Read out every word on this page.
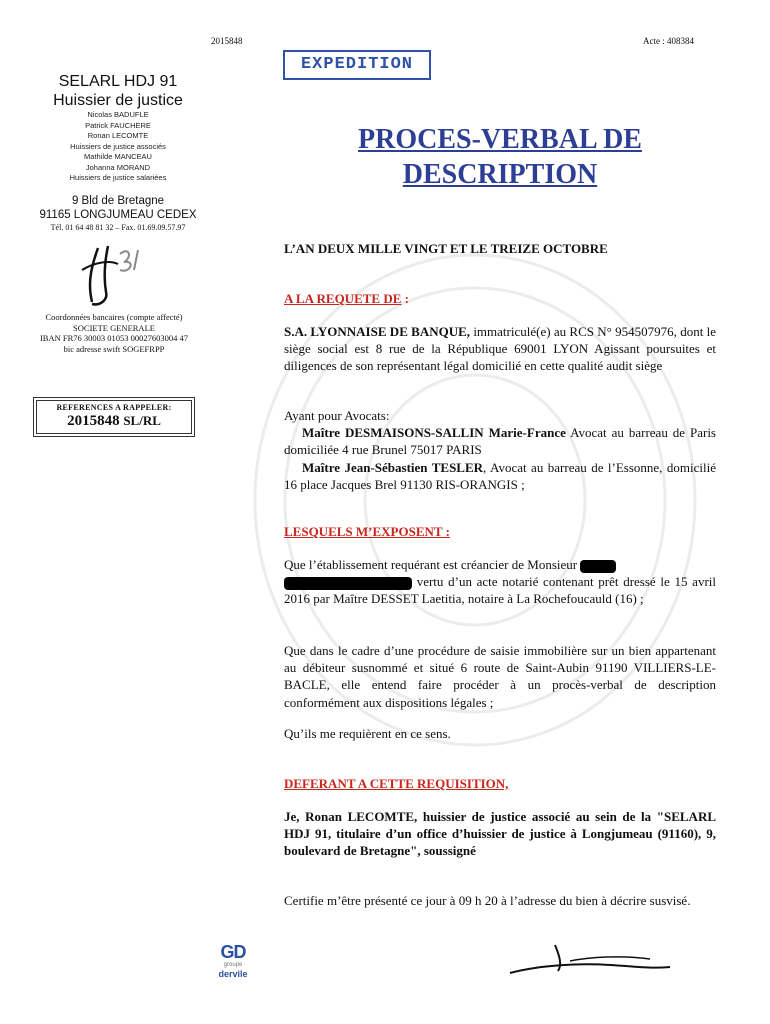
2015848	Acte : 408384
EXPEDITION
SELARL HDJ 91
Huissier de justice
Nicolas BADUFLE
Patrick FAUCHERE
Ronan LECOMTE
Huissiers de justice associés
Mathilde MANCEAU
Johanna MORAND
Huissiers de justice salariées
9 Bld de Bretagne
91165 LONGJUMEAU CEDEX
Tél. 01 64 48 81 32 – Fax. 01.69.09.57.97
Coordonnées bancaires (compte affecté)
SOCIETE GENERALE
IBAN FR76 30003 01053 00027603004 47
bic adresse swift SOGEFRPP
REFERENCES A RAPPELER:
2015848 SL/RL
PROCES-VERBAL DE
DESCRIPTION
L’AN DEUX MILLE VINGT ET LE TREIZE OCTOBRE
A LA REQUETE DE :
S.A. LYONNAISE DE BANQUE, immatriculé(e) au RCS N° 954507976, dont le siège social est 8 rue de la République 69001 LYON Agissant poursuites et diligences de son représentant légal domicilié en cette qualité audit siège
Ayant pour Avocats:
Maître DESMAISONS-SALLIN Marie-France Avocat au barreau de Paris domiciliée 4 rue Brunel 75017 PARIS
Maître Jean-Sébastien TESLER, Avocat au barreau de l’Essonne, domicilié 16 place Jacques Brel 91130 RIS-ORANGIS ;
LESQUELS M’EXPOSENT :
Que l’établissement requérant est créancier de Monsieur
vertu d’un acte notarié contenant prêt dressé le 15 avril 2016 par Maître DESSET Laetitia, notaire à La Rochefoucauld (16) ;
Que dans le cadre d’une procédure de saisie immobilière sur un bien appartenant au débiteur susnommé et situé 6 route de Saint-Aubin 91190 VILLIERS-LE-BACLE, elle entend faire procéder à un procès-verbal de description conformément aux dispositions légales ;
Qu’ils me requièrent en ce sens.
DEFERANT A CETTE REQUISITION,
Je, Ronan LECOMTE, huissier de justice associé au sein de la "SELARL HDJ 91, titulaire d’un office d’huissier de justice à Longjumeau (91160), 9, boulevard de Bretagne", soussigné
Certifie m’être présenté ce jour à 09 h 20 à l’adresse du bien à décrire susvisé.
GD
groupe
dervile
